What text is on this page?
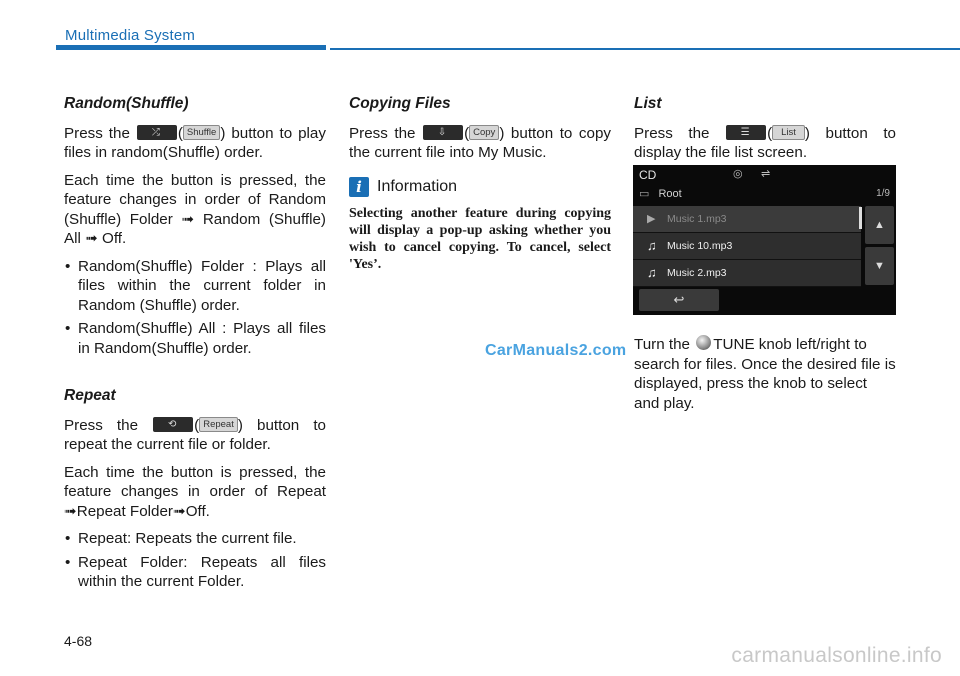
Multimedia System
Random(Shuffle)

Press the	⤮	( Shuffle ) button to play files in random(Shuffle) order.

Each time the button is pressed, the feature changes in order of Random (Shuffle) Folder ➟ Random (Shuffle) All ➟ Off.

• Random(Shuffle) Folder : Plays all files within the current folder in Random (Shuffle) order.
• Random(Shuffle) All : Plays all files in Random(Shuffle) order.
Repeat

Press the	⟲	( Repeat ) button to repeat the current file or folder.

Each time the button is pressed, the feature changes in order of Repeat ➟Repeat Folder➟Off.

• Repeat: Repeats the current file.
• Repeat Folder: Repeats all files within the current Folder.
Copying Files

Press the	⇩	( Copy ) button to copy the current file into My Music.

i Information
Selecting another feature during copying will display a pop-up asking whether you wish to cancel copying. To cancel, select 'Yes’.
List

Press the	☰	( List ) button to display the file list screen.

CD	◎ ⇌
▭ Root	1/9
▶ Music 1.mp3
♫ Music 10.mp3
♫ Music 2.mp3
▲
▼
↩

Turn the TUNE knob left/right to search for files. Once the desired file is displayed, press the knob to select and play.

CarManuals2.com
4-68
carmanualsonline.info
